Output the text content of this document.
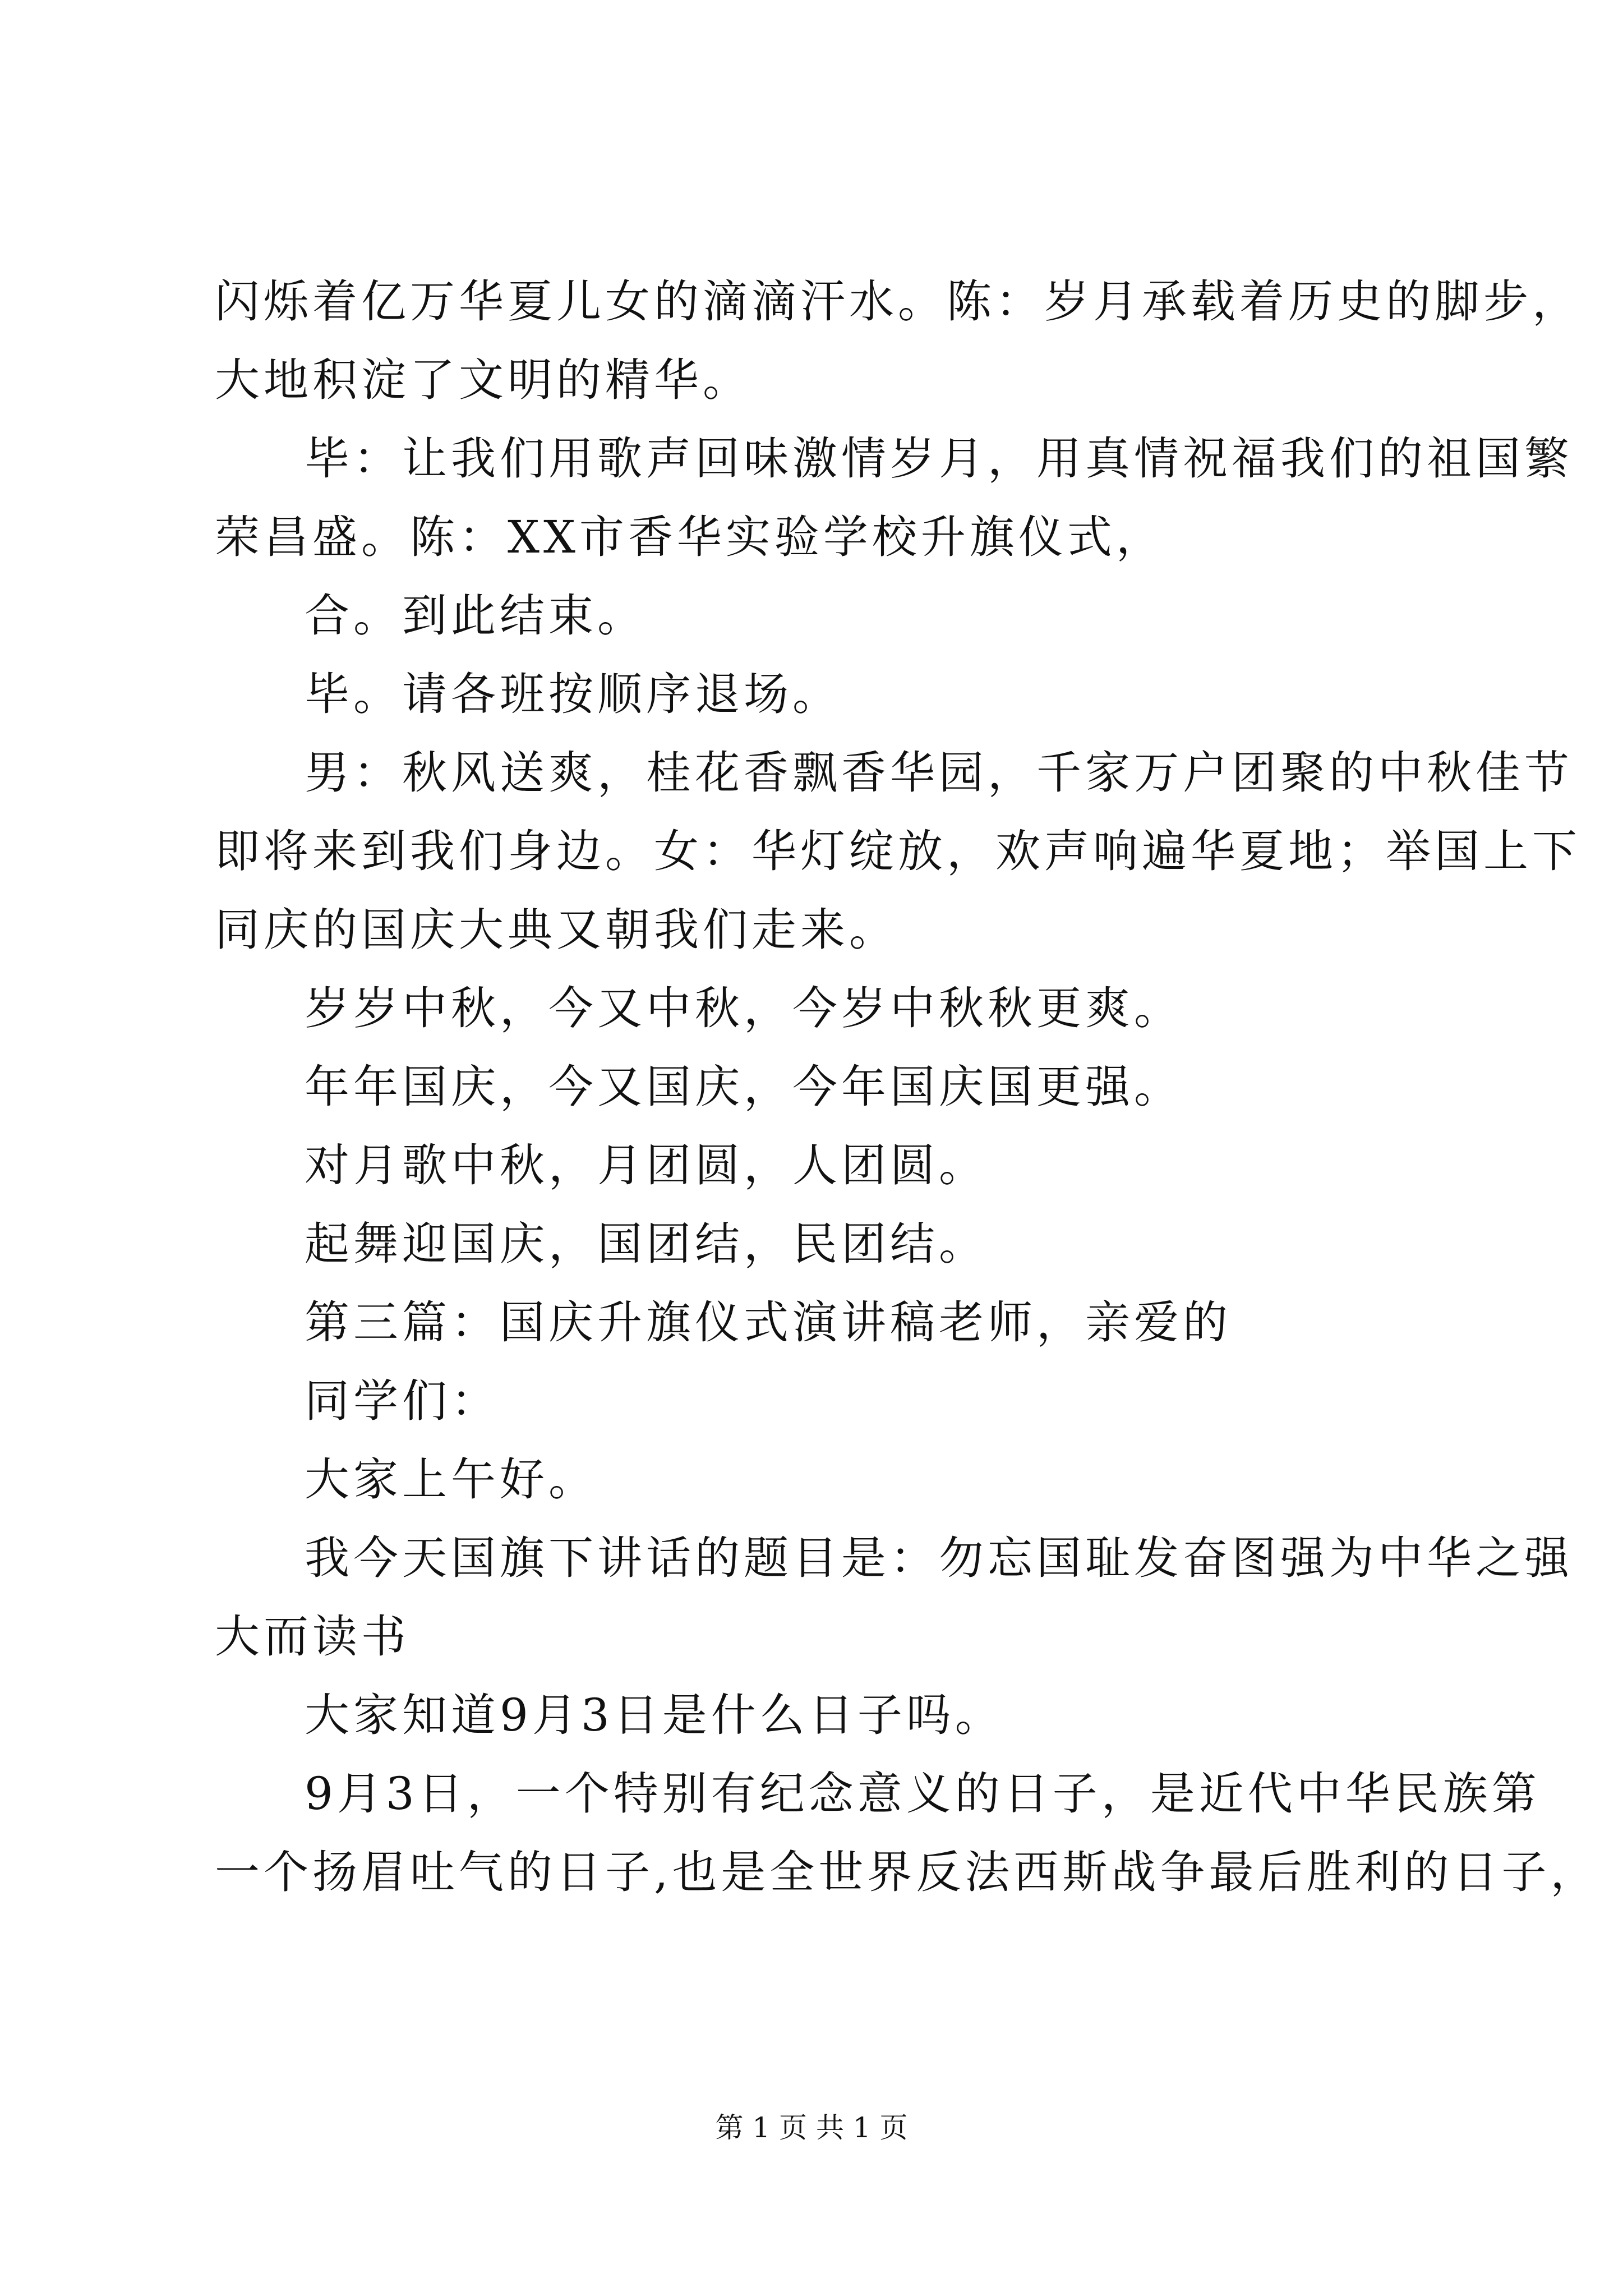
闪烁着亿万华夏儿女的滴滴汗水。陈：岁月承载着历史的脚步，

大地积淀了文明的精华。

毕：让我们用歌声回味激情岁月，用真情祝福我们的祖国繁

荣昌盛。陈：XX市香华实验学校升旗仪式，

合。到此结束。

毕。请各班按顺序退场。

男：秋风送爽，桂花香飘香华园，千家万户团聚的中秋佳节

即将来到我们身边。女：华灯绽放，欢声响遍华夏地；举国上下

同庆的国庆大典又朝我们走来。

岁岁中秋，今又中秋，今岁中秋秋更爽。

年年国庆，今又国庆，今年国庆国更强。

对月歌中秋，月团圆，人团圆。

起舞迎国庆，国团结，民团结。

第三篇：国庆升旗仪式演讲稿老师，亲爱的

同学们：

大家上午好。

我今天国旗下讲话的题目是：勿忘国耻发奋图强为中华之强

大而读书

大家知道9月3日是什么日子吗。

9月3日，一个特别有纪念意义的日子，是近代中华民族第

一个扬眉吐气的日子,也是全世界反法西斯战争最后胜利的日子，

第 1 页 共 1 页
